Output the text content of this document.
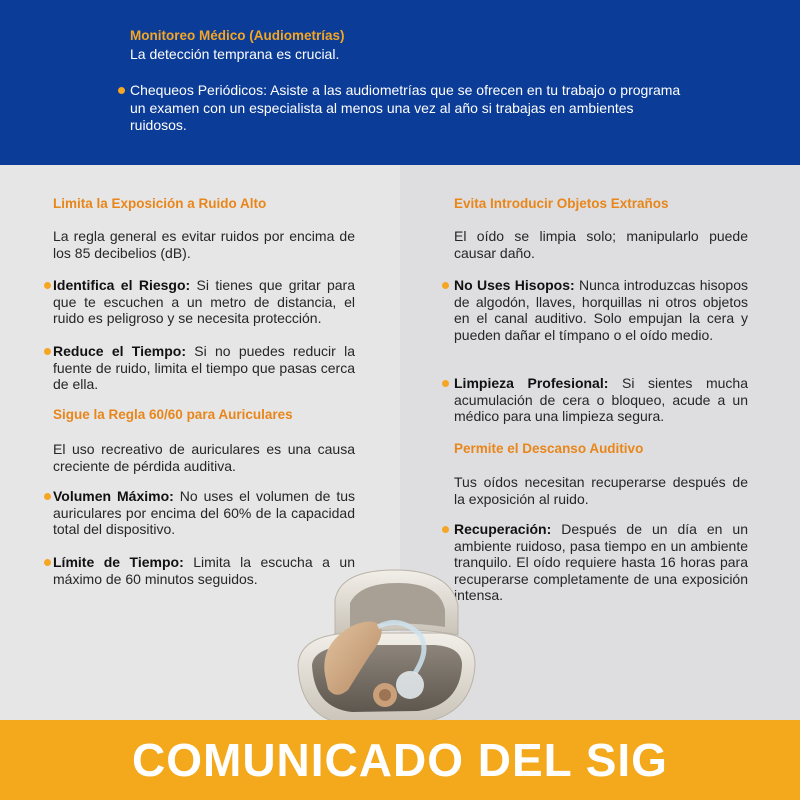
Monitoreo Médico (Audiometrías)
La detección temprana es crucial.
Chequeos Periódicos: Asiste a las audiometrías que se ofrecen en tu trabajo o programa un examen con un especialista al menos una vez al año si trabajas en ambientes ruidosos.
Limita la Exposición a Ruido Alto
La regla general es evitar ruidos por encima de los 85 decibelios (dB).
Identifica el Riesgo: Si tienes que gritar para que te escuchen a un metro de distancia, el ruido es peligroso y se necesita protección.
Reduce el Tiempo: Si no puedes reducir la fuente de ruido, limita el tiempo que pasas cerca de ella.
Sigue la Regla 60/60 para Auriculares
El uso recreativo de auriculares es una causa creciente de pérdida auditiva.
Volumen Máximo: No uses el volumen de tus auriculares por encima del 60% de la capacidad total del dispositivo.
Límite de Tiempo: Limita la escucha a un máximo de 60 minutos seguidos.
Evita Introducir Objetos Extraños
El oído se limpia solo; manipularlo puede causar daño.
No Uses Hisopos: Nunca introduzcas hisopos de algodón, llaves, horquillas ni otros objetos en el canal auditivo. Solo empujan la cera y pueden dañar el tímpano o el oído medio.
Limpieza Profesional: Si sientes mucha acumulación de cera o bloqueo, acude a un médico para una limpieza segura.
Permite el Descanso Auditivo
Tus oídos necesitan recuperarse después de la exposición al ruido.
Recuperación: Después de un día en un ambiente ruidoso, pasa tiempo en un ambiente tranquilo. El oído requiere hasta 16 horas para recuperarse completamente de una exposición intensa.
COMUNICADO DEL SIG
